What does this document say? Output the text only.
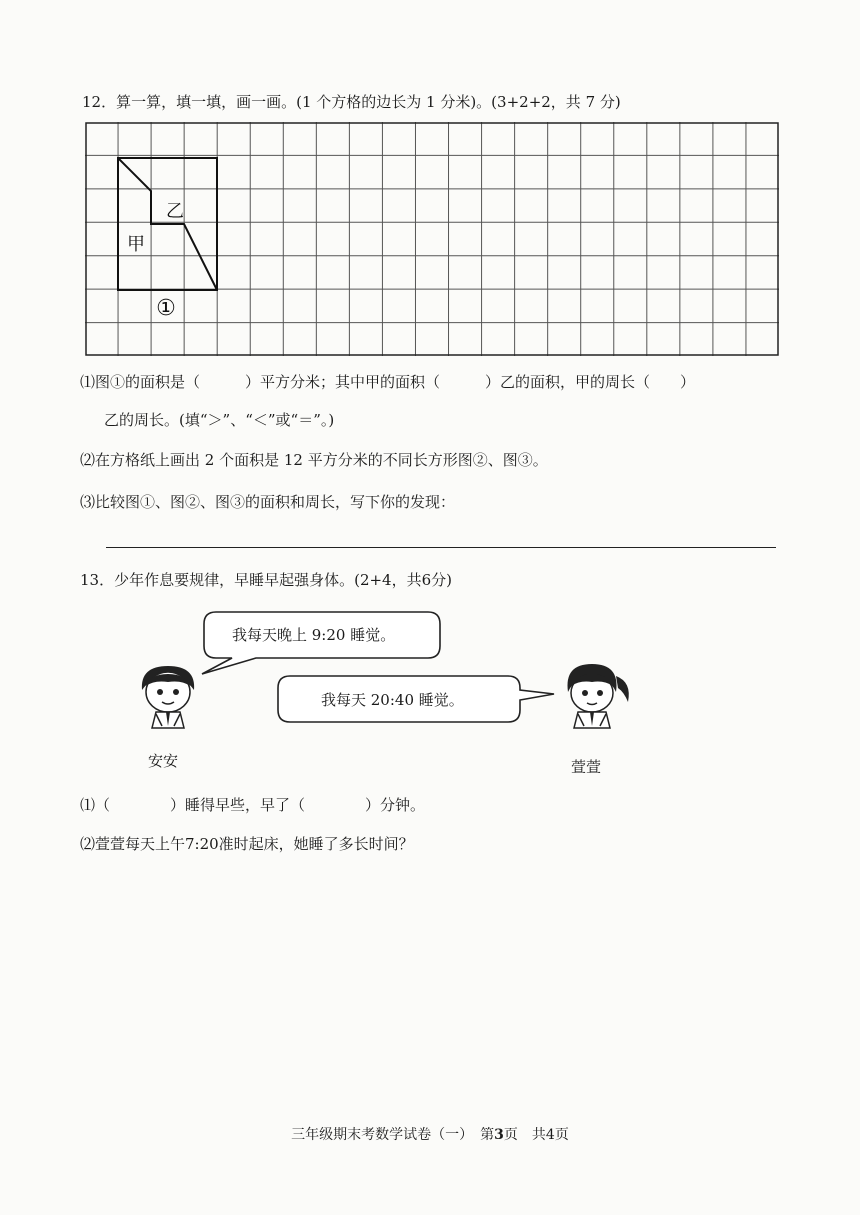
12．算一算，填一填，画一画。(1 个方格的边长为 1 分米)。(3+2+2，共 7 分)
乙
甲
①
⑴图①的面积是（　　　）平方分米；其中甲的面积（　　　）乙的面积，甲的周长（　　）
乙的周长。(填“＞”、“＜”或“＝”。)
⑵在方格纸上画出 2 个面积是 12 平方分米的不同长方形图②、图③。
⑶比较图①、图②、图③的面积和周长，写下你的发现：
13．少年作息要规律，早睡早起强身体。(2+4，共6分)
我每天晚上 9:20 睡觉。
我每天 20:40 睡觉。
安安	萱萱
⑴（　　　　）睡得早些，早了（　　　　）分钟。
⑵萱萱每天上午7:20准时起床，她睡了多长时间？
三年级期末考数学试卷（一）　第3页　共4页
